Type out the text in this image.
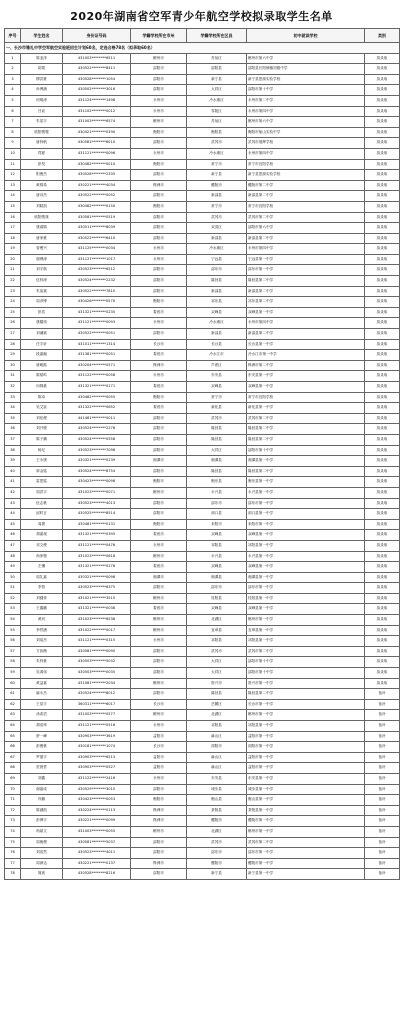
2020年湖南省空军青少年航空学校拟录取学生名单
序号	学生姓名	身份证号码	学籍学校所在市州	学籍学校所在区县	初中就读学校	类别
一、长沙市雅礼中学空军航空实验班招生计划60名，定选合格78名（拟录取60名）						
1	陈亚泽	431003********6511	郴州市	苏仙区	郴州市第六中学	拟录取
2	胡果	430522********8411	邵阳市	邵阳县	邵阳县长阳铺镇初级中学	拟录取
3	柳武豪	430528********1054	邵阳市	新宁县	新宁县思源实验学校	拟录取
4	孙博涵	430502********3016	邵阳市	大祥区	邵阳市第十中学	拟录取
5	何明涛	431124********1498	永州市	冷水滩区	永州市第二中学	拟录取
6	吕宸	431102********0012	永州市	零陵区	永州市第四中学	拟录取
7	朱星宇	431003********6574	郴州市	苏仙区	郴州市第六中学	拟录取
8	欧阳骏骏	430421********039X	衡阳市	衡阳县	衡阳市船山实验中学	拟录取
9	唐梓帆	430581********601X	邵阳市	武冈市	武冈市展辉学校	拟录取
10	郑夏	431121********0096	永州市	冷水滩区	永州市第四中学	拟录取
11	彭昊	430482********001X	衡阳市	常宁市	常宁市宜阳学校	拟录取
12	阳俊杰	430528********2335	邵阳市	新宁县	新宁县思源实验学校	拟录取
13	黄锦希	430221********4034	株洲市	醴陵市	醴陵市第二中学	拟录取
14	唐诗杰	430522********0052	邵阳市	新邵县	新邵县第二中学	拟录取
15	刘皓凯	430482********015X	衡阳市	常宁市	常宁市宜阳学校	拟录取
16	欧阳骏晟	430581********0519	邵阳市	武冈市	武冈市第二中学	拟录取
17	康睿锦	430511********8039	邵阳市	双清区	邵阳市第六中学	拟录取
18	唐家豪	430522********641X	邵阳市	新邵县	新邵县第二中学	拟录取
19	曾俊兴	431125********0034	永州市	冷水滩区	永州市第四中学	拟录取
20	谢博涛	431127********1017	永州市	宁远县	宁远县第一中学	拟录取
21	刘宇航	430523********6512	邵阳市	邵东市	邵东市第一中学	拟录取
22	伍梓涛	430524********2232	邵阳市	隆回县	隆回县第二中学	拟录取
23	朱宸斌	430522********7810	邵阳市	新邵县	新邵县第二中学	拟录取
24	周彦博	430426********057X	衡阳市	祁东县	祁东县第二中学	拟录取
25	彭浩	431321********0235	娄底市	双峰县	双峰县第一中学	拟录取
26	康耀伟	431121********0093	永州市	冷水滩区	永州市第四中学	拟录取
27	刘谦斌	430522********0051	邵阳市	新邵县	新邵县第二中学	拟录取
28	任宇轩	431011********1314	长沙市	长沙县	长沙县第一中学	拟录取
29	段嘉瀚	431381********0051	娄底市	冷水江市	冷水江市第一中学	拟录取
30	唐峻熙	430204********0571	株洲市	芦淞区	株洲市第二中学	拟录取
31	陈韬鸣	431122********0058	永州市	东安县	东安县第一中学	拟录取
32	向锦豪	431321********0171	娄底市	双峰县	双峰县第一中学	拟录取
33	陈卓	430482********0055	衡阳市	常宁市	常宁市宜阳学校	拟录取
34	吴艾宸	431322********0652	娄底市	新化县	新化县第一中学	拟录取
35	刘佳俊	441481********0011	邵阳市	武冈市	武冈市第二中学	拟录取
36	刘开骏	430524********2276	邵阳市	隆回县	隆回县第二中学	拟录取
37	陈子鹏	430524********0558	邵阳市	隆回县	隆回县第二中学	拟录取
38	杨玘	430523********7098	邵阳市	大祥区	邵阳市第十中学	拟录取
39	王永康	430321********0239	湘潭市	湘潭县	湘潭县第一中学	拟录取
40	廖金铭	430524********8754	邵阳市	隆回县	隆回县第二中学	拟录取
41	雷思铭	430423********0098	衡阳市	衡东县	衡东县第一中学	拟录取
42	周洪宇	431023********0071	郴州市	永兴县	永兴县第一中学	拟录取
43	伍志豪	430523********4013	邵阳市	邵东市	邵东市第一中学	拟录取
44	邱时言	430525********8514	邵阳市	洞口县	洞口县第一中学	拟录取
45	周捷	430481********0131	衡阳市	耒阳市	耒阳市第一中学	拟录取
46	胡嘉晟	431321********0395	娄底市	双峰县	双峰县第一中学	拟录取
47	邓文俊	431121********0476	永州市	祁阳县	祁阳县第一中学	拟录取
48	尚家骏	431023********0618	郴州市	永兴县	永兴县第一中学	拟录取
49	左骥	431321********0276	娄底市	双峰县	双峰县第一中学	拟录取
50	周礼嘉	430321********0098	湘潭市	湘潭县	湘潭县第一中学	拟录取
51	李智	430523********6375	邵阳市	邵东市	邵东市第一中学	拟录取
52	刘健蒂	431021********3515	郴州市	桂阳县	桂阳县第一中学	拟录取
53	王鑫鹏	431321********0038	娄底市	双峰县	双峰县第一中学	拟录取
54	黄河	431023********6536	郴州市	北湖区	郴州市第一中学	拟录取
55	李哲涵	431022********0017	郴州市	宜章县	宜章县第一中学	拟录取
56	刘宸杰	431121********0315	永州市	祁阳县	祁阳县第一中学	拟录取
57	方致衡	430581********0090	邵阳市	武冈市	武冈市第二中学	拟录取
58	朱梓豪	430503********5032	邵阳市	大祥区	邵阳市第十中学	拟录取
59	吴鸿伟	430503********0035	邵阳市	大祥区	邵阳市第十中学	拟录取
60	黄益嘉	431081********2034	郴州市	资兴市	资兴市第一中学	拟录取
61	麻永杰	430524********8012	邵阳市	隆回县	隆回县第二中学	备补
62	王星宇	360311********6017	长沙市	岳麓区	长沙市第一中学	备补
63	汤希语	431003********0577	郴州市	北湖区	郴州市第一中学	备补
64	胡浩炜	431121********0516	永州市	祁阳县	祁阳县第一中学	备补
65	舒一峰	430903********3619	益阳市	赫山区	益阳市第一中学	备补
66	彭俊豪	430181********1074	长沙市	浏阳市	浏阳市第一中学	备补
67	罗蔓宇	430903********6513	益阳市	赫山区	益阳市第一中学	备补
68	贺晨哲	430903********0527	益阳市	赫山区	益阳市第一中学	备补
69	刘鑫	431122********2416	永州市	东安县	东安县第一中学	备补
70	谢嘉成	430529********3010	邵阳市	城步县	城步县第一中学	备补
71	肖鹏	430423********0053	衡阳市	衡山县	衡山县第一中学	备补
72	陈涵凯	430224********0113	株洲市	茶陵县	茶陵县第一中学	备补
73	彭博宇	430221********0099	株洲市	醴陵市	醴陵市第一中学	备补
74	尚斌文	431003********0055	郴州市	北湖区	郴州市第一中学	备补
75	周朗俊	430581********5037	邵阳市	武冈市	武冈市第二中学	备补
76	刘浩然	430523********4011	邵阳市	邵东市	邵东市第一中学	备补
77	周润达	430221********0137	株洲市	醴陵市	醴陵市第一中学	备补
78	简欢	430528********8216	邵阳市	新宁县	新宁县第一中学	备补
